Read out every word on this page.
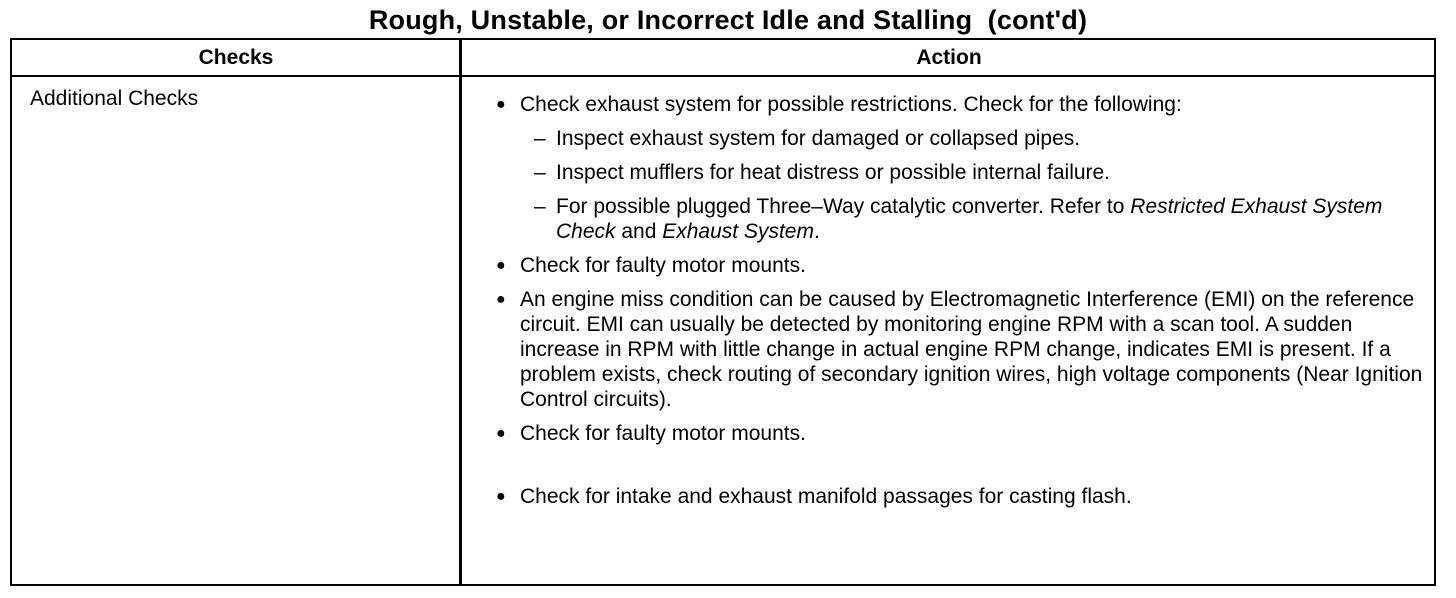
Rough, Unstable, or Incorrect Idle and Stalling  (cont'd)
Checks	Action
Additional Checks	● Check exhaust system for possible restrictions. Check for the following:
– Inspect exhaust system for damaged or collapsed pipes.
– Inspect mufflers for heat distress or possible internal failure.
– For possible plugged Three–Way catalytic converter. Refer to Restricted Exhaust System Check and Exhaust System.
● Check for faulty motor mounts.
● An engine miss condition can be caused by Electromagnetic Interference (EMI) on the reference circuit. EMI can usually be detected by monitoring engine RPM with a scan tool. A sudden increase in RPM with little change in actual engine RPM change, indicates EMI is present. If a problem exists, check routing of secondary ignition wires, high voltage components (Near Ignition Control circuits).
● Check for faulty motor mounts.
● Check for intake and exhaust manifold passages for casting flash.
